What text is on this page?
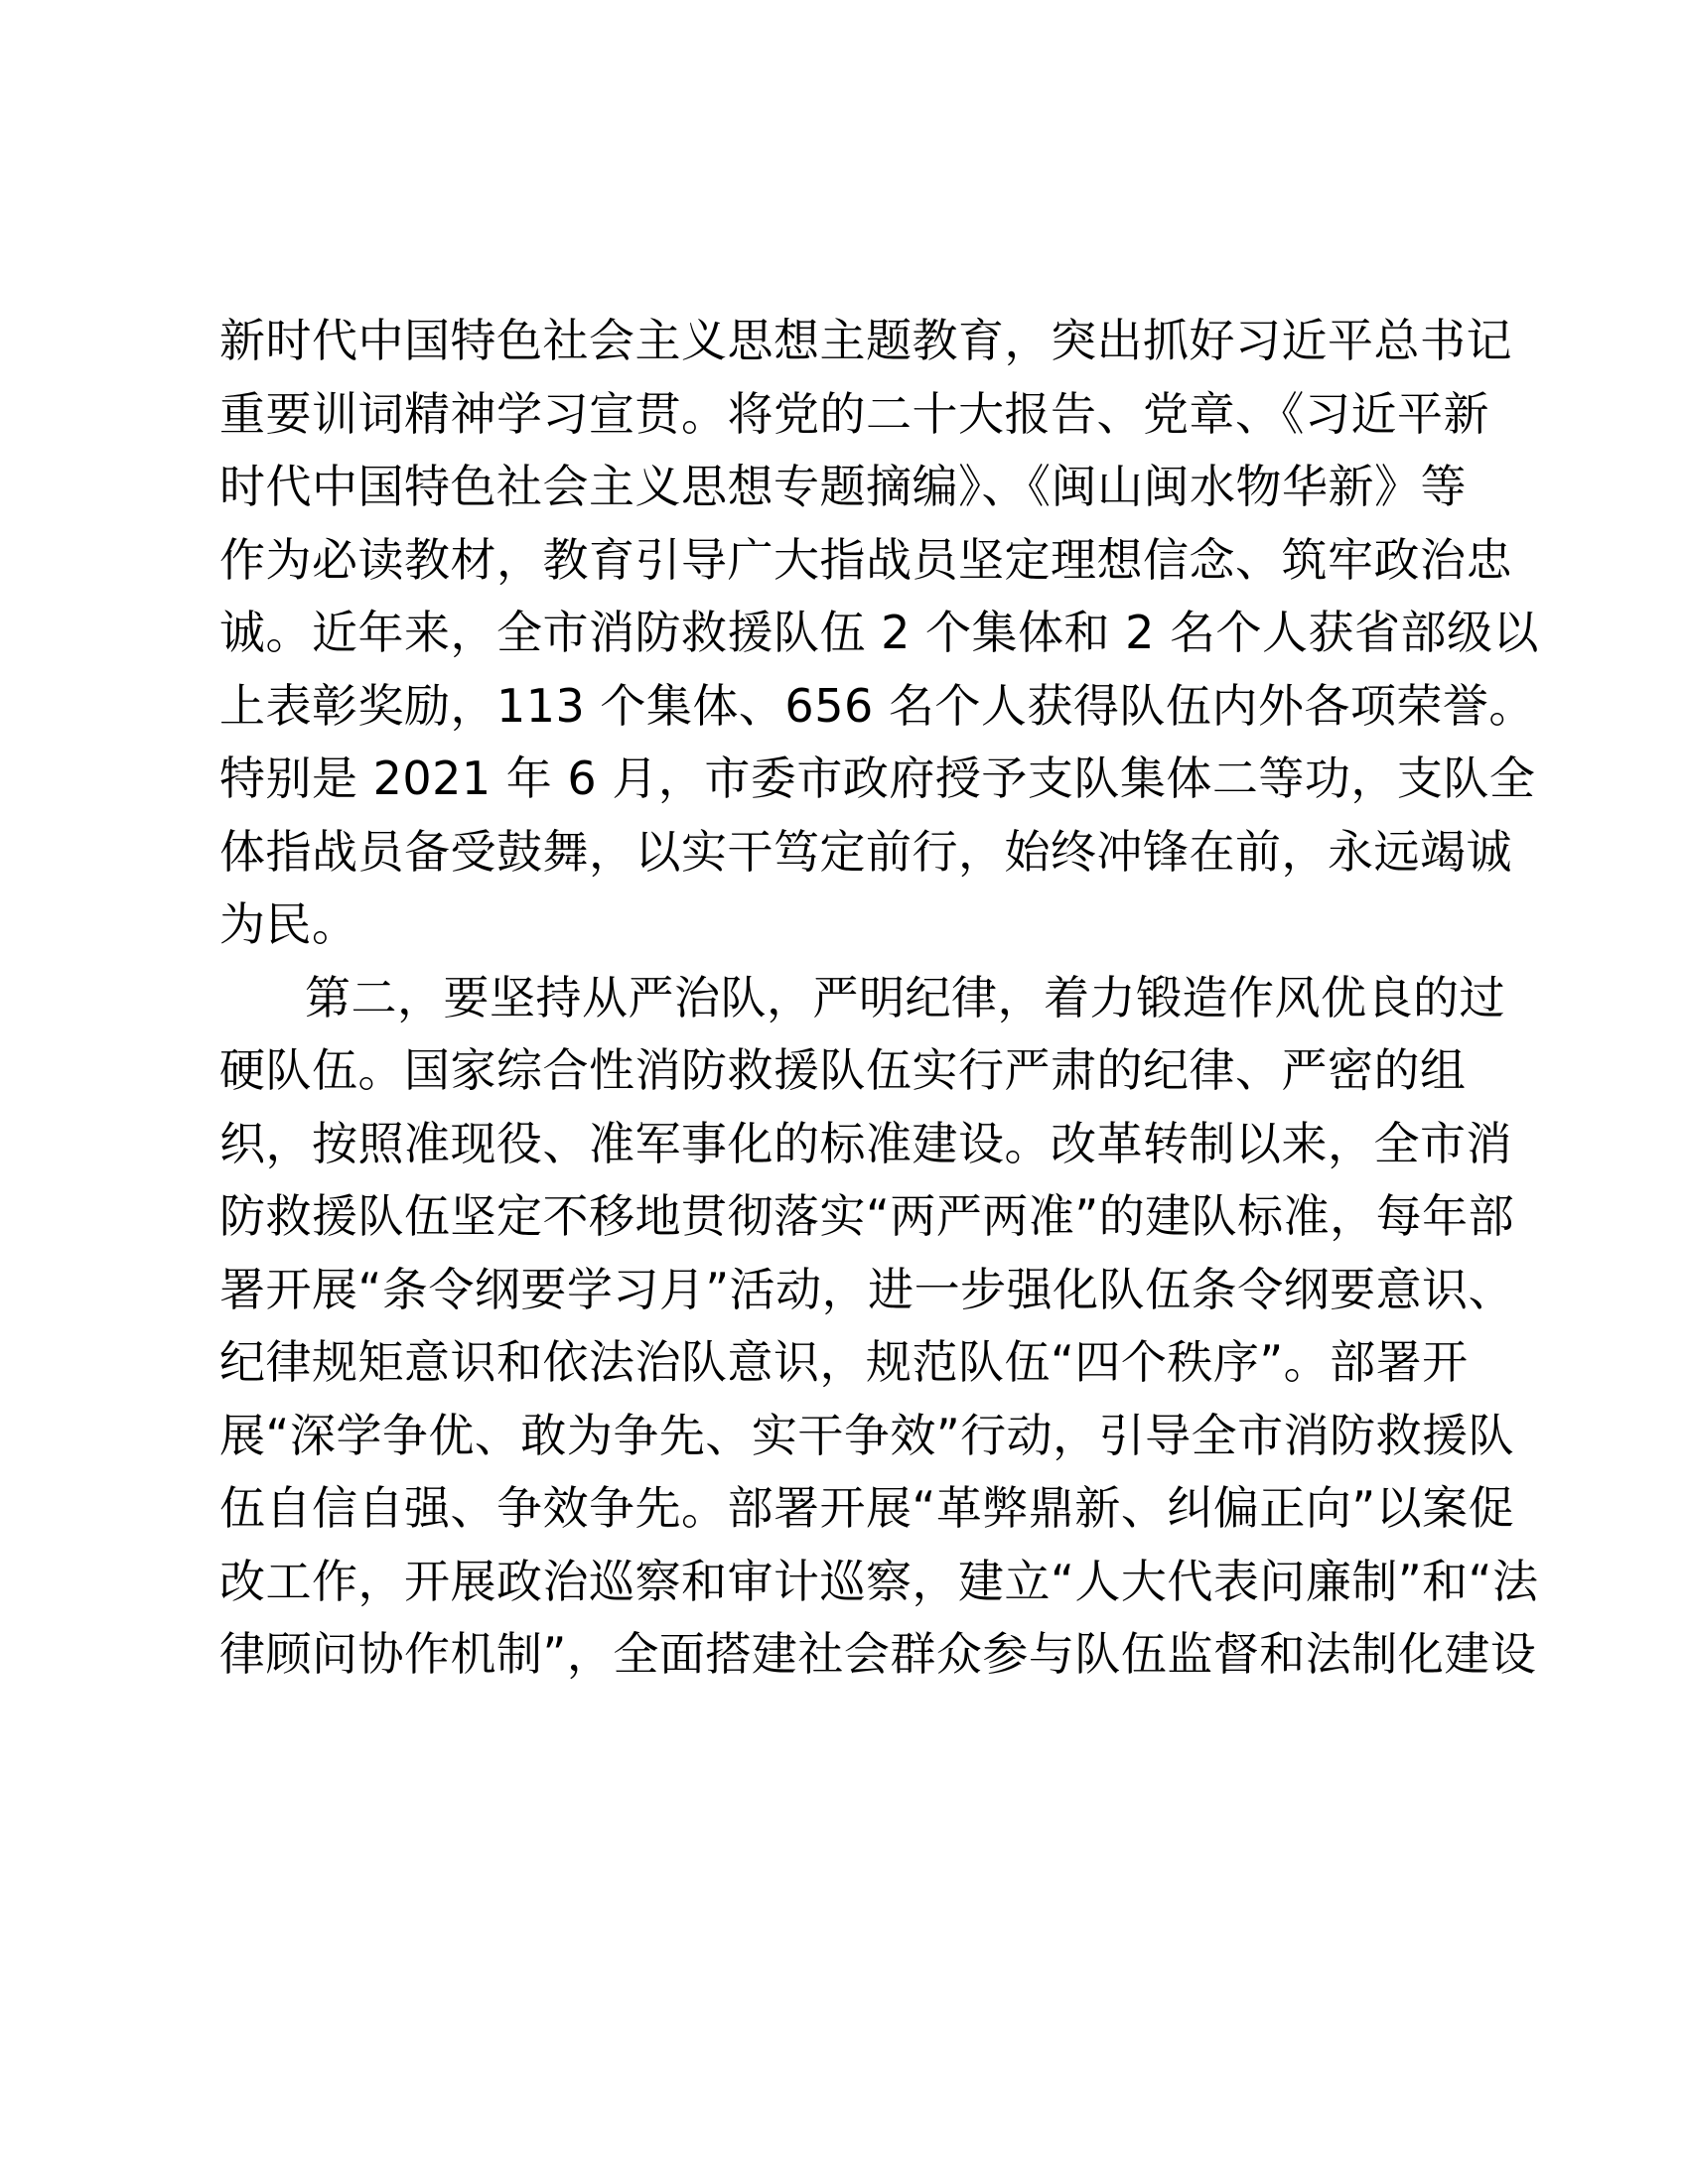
新时代中国特色社会主义思想主题教育，突出抓好习近平总书记
重要训词精神学习宣贯。将党的二十大报告、党章、《习近平新
时代中国特色社会主义思想专题摘编》、《闽山闽水物华新》等
作为必读教材，教育引导广大指战员坚定理想信念、筑牢政治忠
诚。近年来，全市消防救援队伍 2 个集体和 2 名个人获省部级以
上表彰奖励，113 个集体、656 名个人获得队伍内外各项荣誉。
特别是 2021 年 6 月，市委市政府授予支队集体二等功，支队全
体指战员备受鼓舞，以实干笃定前行，始终冲锋在前，永远竭诚
为民。
第二，要坚持从严治队，严明纪律，着力锻造作风优良的过
硬队伍。国家综合性消防救援队伍实行严肃的纪律、严密的组
织，按照准现役、准军事化的标准建设。改革转制以来，全市消
防救援队伍坚定不移地贯彻落实“两严两准”的建队标准，每年部
署开展“条令纲要学习月”活动，进一步强化队伍条令纲要意识、
纪律规矩意识和依法治队意识，规范队伍“四个秩序”。部署开
展“深学争优、敢为争先、实干争效”行动，引导全市消防救援队
伍自信自强、争效争先。部署开展“革弊鼎新、纠偏正向”以案促
改工作，开展政治巡察和审计巡察，建立“人大代表问廉制”和“法
律顾问协作机制”，全面搭建社会群众参与队伍监督和法制化建设
